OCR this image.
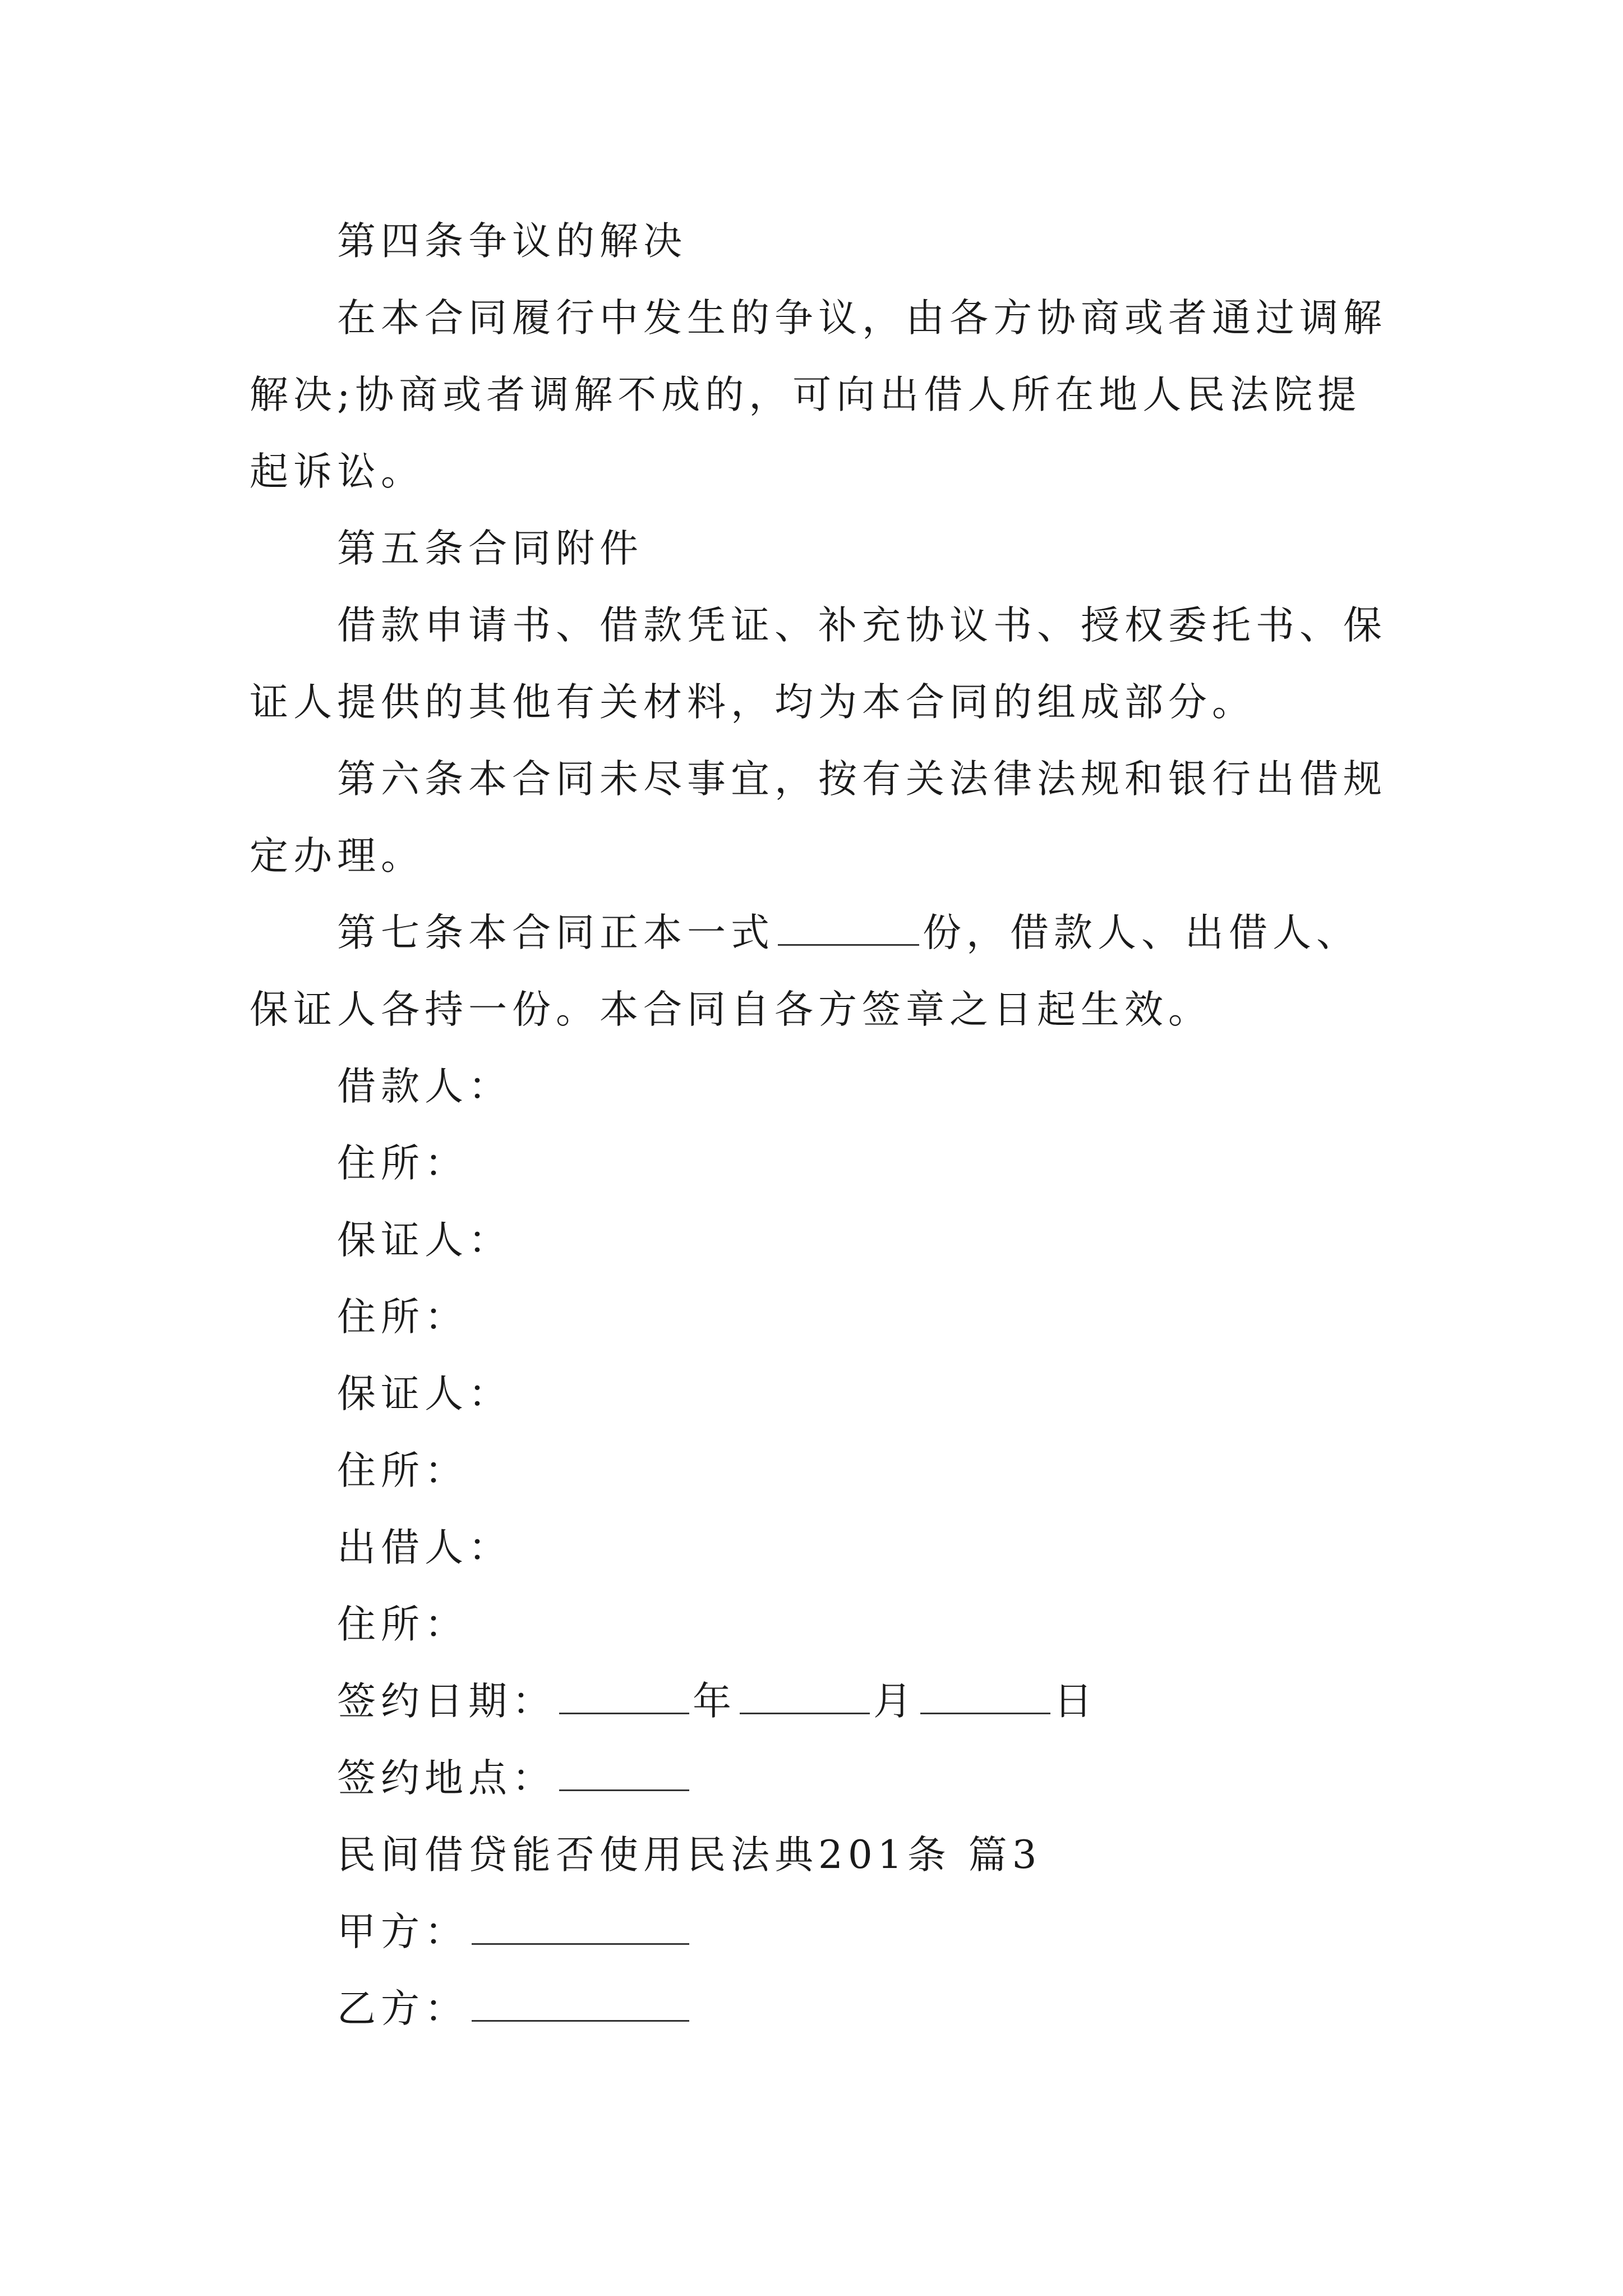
第四条争议的解决
在本合同履行中发生的争议，由各方协商或者通过调解
解决;协商或者调解不成的，可向出借人所在地人民法院提
起诉讼。
第五条合同附件
借款申请书、借款凭证、补充协议书、授权委托书、保
证人提供的其他有关材料，均为本合同的组成部分。
第六条本合同未尽事宜，按有关法律法规和银行出借规
定办理。
第七条本合同正本一式	份，借款人、出借人、
保证人各持一份。本合同自各方签章之日起生效。
借款人：
住所：
保证人：
住所：
保证人：
住所：
出借人：
住所：
签约日期：	年	月	日
签约地点：
民间借贷能否使用民法典201条 篇3
甲方：
乙方：
